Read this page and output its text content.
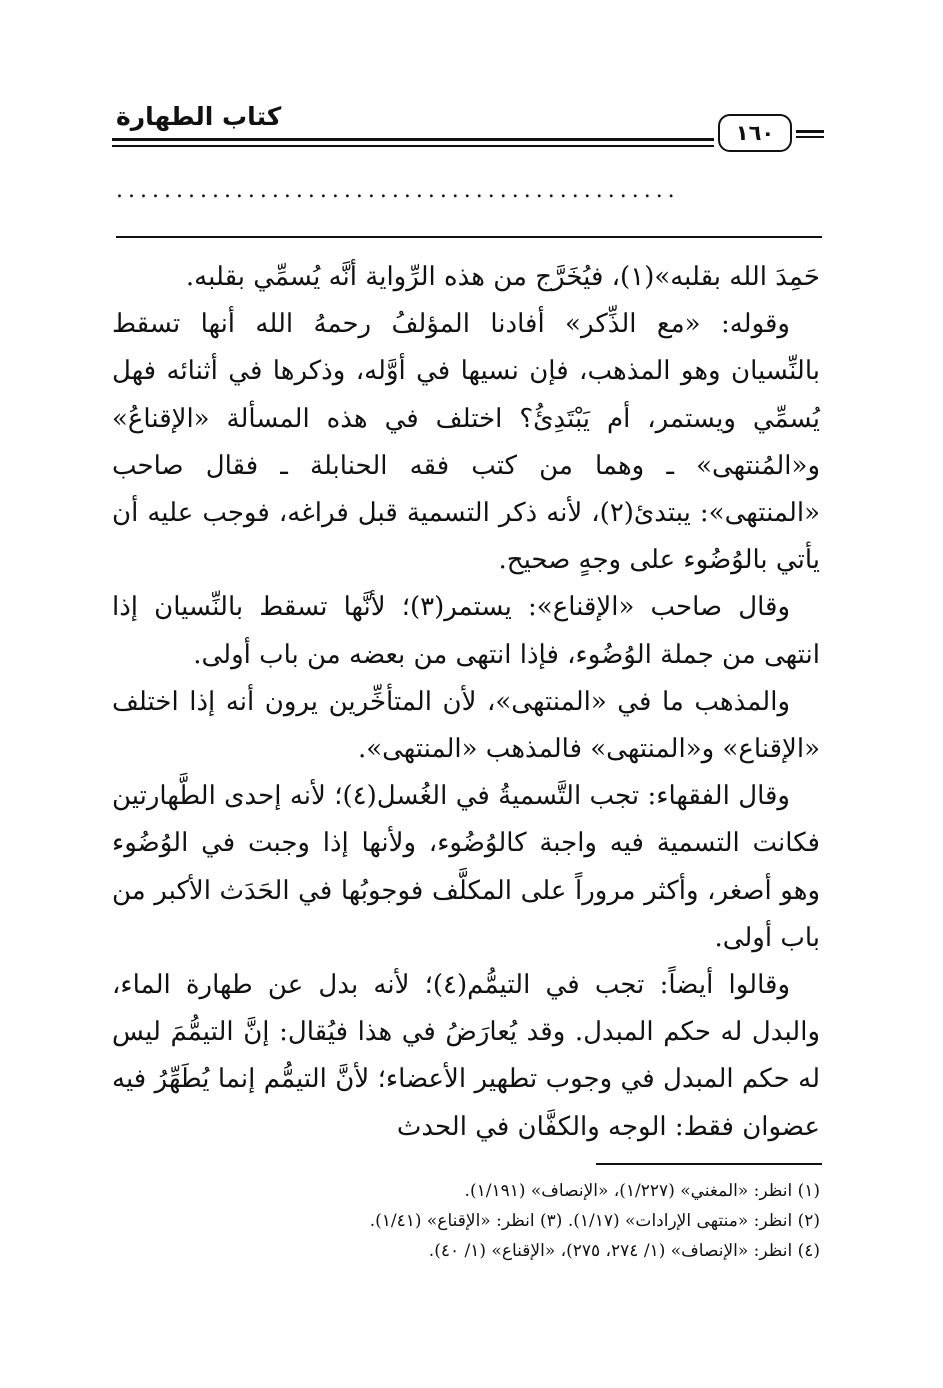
كتاب الطهارة
١٦٠
...............................................

حَمِدَ الله بقلبه»(١)، فيُخَرَّج من هذه الرِّواية أنَّه يُسمِّي بقلبه.

وقوله: «مع الذِّكر» أفادنا المؤلفُ رحمهُ الله أنها تسقط بالنِّسيان وهو المذهب، فإن نسيها في أوَّله، وذكرها في أثنائه فهل يُسمِّي ويستمر، أم يَبْتَدِئُ؟ اختلف في هذه المسألة «الإقناعُ» و«المُنتهى» ـ وهما من كتب فقه الحنابلة ـ فقال صاحب «المنتهى»: يبتدئ(٢)، لأنه ذكر التسمية قبل فراغه، فوجب عليه أن يأتي بالوُضُوء على وجهٍ صحيح.

وقال صاحب «الإقناع»: يستمر(٣)؛ لأنَّها تسقط بالنِّسيان إذا انتهى من جملة الوُضُوء، فإذا انتهى من بعضه من باب أولى.

والمذهب ما في «المنتهى»، لأن المتأخِّرين يرون أنه إذا اختلف «الإقناع» و«المنتهى» فالمذهب «المنتهى».

وقال الفقهاء: تجب التَّسميةُ في الغُسل(٤)؛ لأنه إحدى الطَّهارتين فكانت التسمية فيه واجبة كالوُضُوء، ولأنها إذا وجبت في الوُضُوء وهو أصغر، وأكثر مروراً على المكلَّف فوجوبُها في الحَدَث الأكبر من باب أولى.

وقالوا أيضاً: تجب في التيمُّم(٤)؛ لأنه بدل عن طهارة الماء، والبدل له حكم المبدل. وقد يُعارَضُ في هذا فيُقال: إنَّ التيمُّمَ ليس له حكم المبدل في وجوب تطهير الأعضاء؛ لأنَّ التيمُّم إنما يُطَهِّرُ فيه عضوان فقط: الوجه والكفَّان في الحدث

(١) انظر: «المغني» (١/٢٢٧)، «الإنصاف» (١/١٩١).

(٢) انظر: «منتهى الإرادات» (١/١٧). (٣) انظر: «الإقناع» (١/٤١).

(٤) انظر: «الإنصاف» (١/ ٢٧٤، ٢٧٥)، «الإقناع» (١/ ٤٠).
